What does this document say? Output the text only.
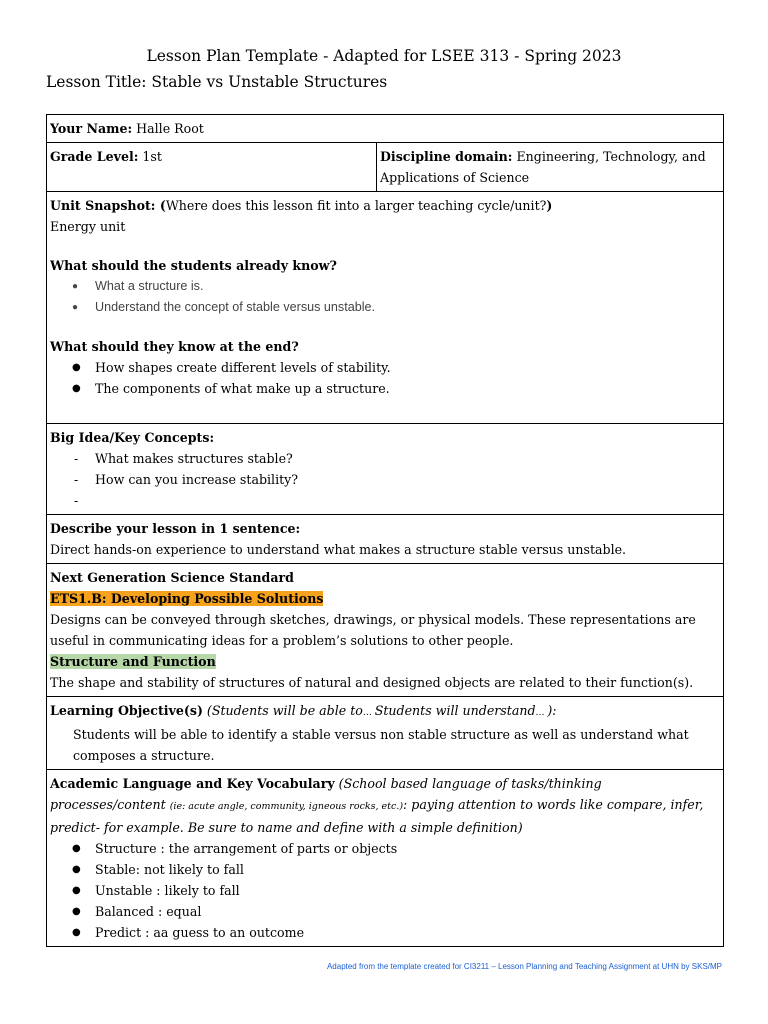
Lesson Plan Template - Adapted for LSEE 313 - Spring 2023
Lesson Title: Stable vs Unstable Structures
Your Name: Halle Root
Grade Level: 1st	Discipline domain: Engineering, Technology, and Applications of Science

Unit Snapshot: (Where does this lesson fit into a larger teaching cycle/unit?)
Energy unit
What should the students already know?
● What a structure is.
● Understand the concept of stable versus unstable.
What should they know at the end?
● How shapes create different levels of stability.
● The components of what make up a structure.

Big Idea/Key Concepts:
- What makes structures stable?
- How can you increase stability?
-

Describe your lesson in 1 sentence:
Direct hands-on experience to understand what makes a structure stable versus unstable.

Next Generation Science Standard
ETS1.B: Developing Possible Solutions
Designs can be conveyed through sketches, drawings, or physical models. These representations are useful in communicating ideas for a problem’s solutions to other people.
Structure and Function
The shape and stability of structures of natural and designed objects are related to their function(s).

Learning Objective(s) (Students will be able to… Students will understand… ):
Students will be able to identify a stable versus non stable structure as well as understand what composes a structure.

Academic Language and Key Vocabulary (School based language of tasks/thinking processes/content (ie: acute angle, community, igneous rocks, etc.): paying attention to words like compare, infer, predict- for example. Be sure to name and define with a simple definition)
● Structure : the arrangement of parts or objects
● Stable: not likely to fall
● Unstable : likely to fall
● Balanced : equal
● Predict : aa guess to an outcome
Adapted from the template created for CI3211 – Lesson Planning and Teaching Assignment at UHN by SKS/MP
